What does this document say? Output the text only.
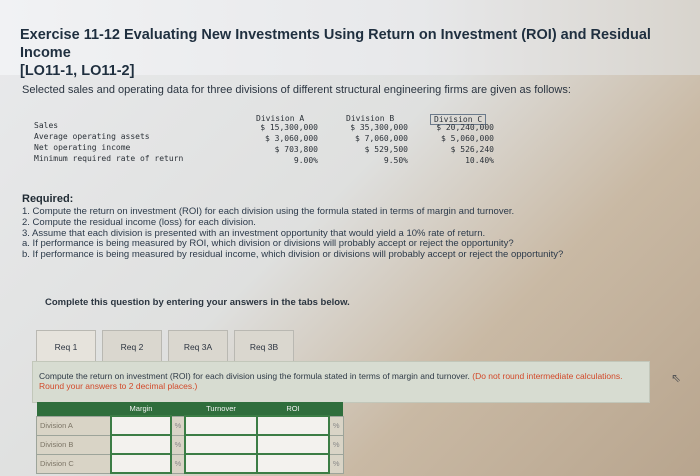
Exercise 11-12 Evaluating New Investments Using Return on Investment (ROI) and Residual Income
[LO11-1, LO11-2]

Selected sales and operating data for three divisions of different structural engineering firms are given as follows:

Division A	Division B	Division C
Sales	$ 15,300,000	$ 35,300,000	$ 20,240,000
Average operating assets	$ 3,060,000	$ 7,060,000	$ 5,060,000
Net operating income	$ 703,800	$ 529,500	$ 526,240
Minimum required rate of return	9.00%	9.50%	10.40%

Required:

1. Compute the return on investment (ROI) for each division using the formula stated in terms of margin and turnover.
2. Compute the residual income (loss) for each division.
3. Assume that each division is presented with an investment opportunity that would yield a 10% rate of return.
a. If performance is being measured by ROI, which division or divisions will probably accept or reject the opportunity?
b. If performance is being measured by residual income, which division or divisions will probably accept or reject the opportunity?

Complete this question by entering your answers in the tabs below.

Req 1	Req 2	Req 3A	Req 3B

Compute the return on investment (ROI) for each division using the formula stated in terms of margin and turnover. (Do not round intermediate calculations. Round your answers to 2 decimal places.)

⇖
	Margin		Turnover	ROI	
Division A		%			%
Division B		%			%
Division C		%			%
